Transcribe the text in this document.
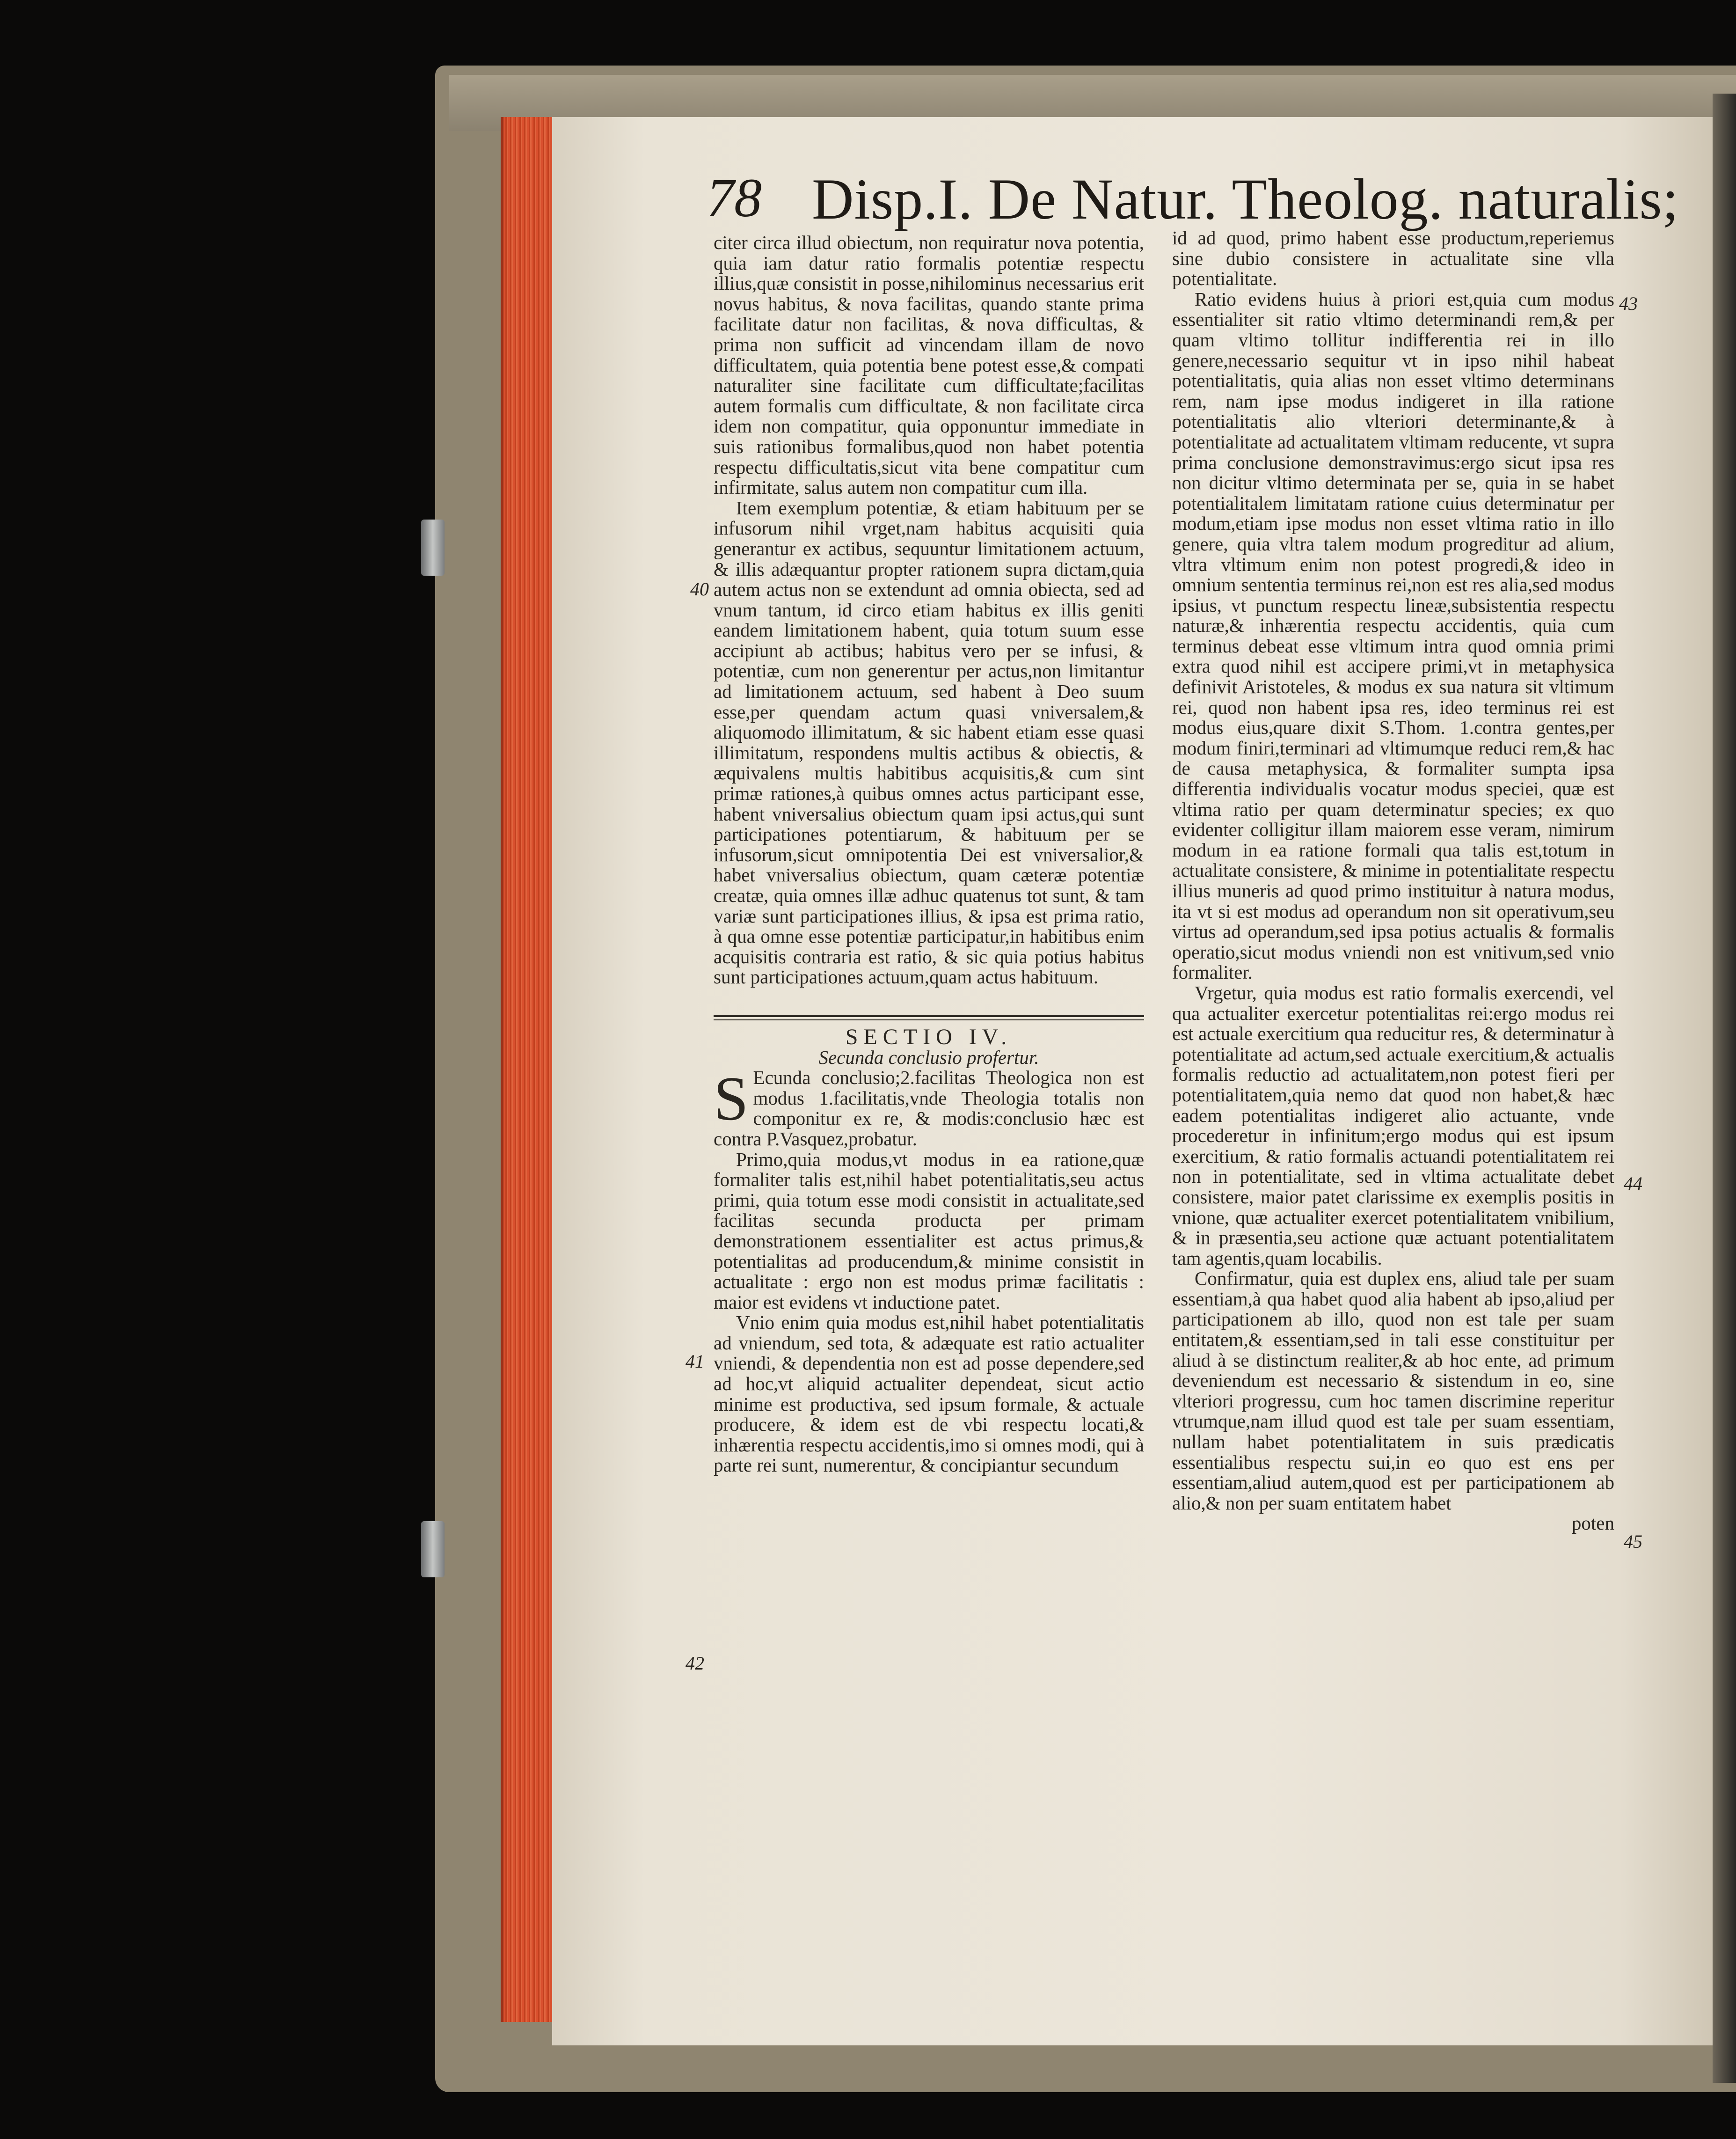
78 Disp.I. De Natur. Theolog. naturalis;

citer circa illud obiectum, non requiratur nova potentia, quia iam datur ratio formalis potentiæ respectu illius,quæ consistit in posse,nihilominus necessarius erit novus habitus, & nova facilitas, quando stante prima facilitate datur non facilitas, & nova difficultas, & prima non sufficit ad vincendam illam de novo difficultatem, quia potentia bene potest esse,& compati naturaliter sine facilitate cum difficultate;facilitas autem formalis cum difficultate, & non facilitate circa idem non compatitur, quia opponuntur immediate in suis rationibus formalibus,quod non habet potentia respectu difficultatis,sicut vita bene compatitur cum infirmitate, salus autem non compatitur cum illa.

Item exemplum potentiæ, & etiam habituum per se infusorum nihil vrget,nam habitus acquisiti quia generantur ex actibus, sequuntur limitationem actuum, & illis adæquantur propter rationem supra dictam,quia autem actus non se extendunt ad omnia obiecta, sed ad vnum tantum, id circo etiam habitus ex illis geniti eandem limitationem habent, quia totum suum esse accipiunt ab actibus; habitus vero per se infusi, & potentiæ, cum non generentur per actus,non limitantur ad limitationem actuum, sed habent à Deo suum esse,per quendam actum quasi vniversalem,& aliquomodo illimitatum, & sic habent etiam esse quasi illimitatum, respondens multis actibus & obiectis, & æquivalens multis habitibus acquisitis,& cum sint primæ rationes,à quibus omnes actus participant esse, habent vniversalius obiectum quam ipsi actus,qui sunt participationes potentiarum, & habituum per se infusorum,sicut omnipotentia Dei est vniversalior,& habet vniversalius obiectum, quam cæteræ potentiæ creatæ, quia omnes illæ adhuc quatenus tot sunt, & tam variæ sunt participationes illius, & ipsa est prima ratio, à qua omne esse potentiæ participatur,in habitibus enim acquisitis contraria est ratio, & sic quia potius habitus sunt participationes actuum,quam actus habituum.

SECTIO IV.

Secunda conclusio profertur.

S Ecunda conclusio;2.facilitas Theologica non est modus 1.facilitatis,vnde Theologia totalis non componitur ex re, & modis:conclusio hæc est contra P.Vasquez,probatur.

Primo,quia modus,vt modus in ea ratione,quæ formaliter talis est,nihil habet potentialitatis,seu actus primi, quia totum esse modi consistit in actualitate,sed facilitas secunda producta per primam demonstrationem essentialiter est actus primus,& potentialitas ad producendum,& minime consistit in actualitate : ergo non est modus primæ facilitatis : maior est evidens vt inductione patet.

Vnio enim quia modus est,nihil habet potentialitatis ad vniendum, sed tota, & adæquate est ratio actualiter vniendi, & dependentia non est ad posse dependere,sed ad hoc,vt aliquid actualiter dependeat, sicut actio minime est productiva, sed ipsum formale, & actuale producere, & idem est de vbi respectu locati,& inhærentia respectu accidentis,imo si omnes modi, qui à parte rei sunt, numerentur, & concipiantur secundum

id ad quod, primo habent esse productum,reperiemus sine dubio consistere in actualitate sine vlla potentialitate.

Ratio evidens huius à priori est,quia cum modus essentialiter sit ratio vltimo determinandi rem,& per quam vltimo tollitur indifferentia rei in illo genere,necessario sequitur vt in ipso nihil habeat potentialitatis, quia alias non esset vltimo determinans rem, nam ipse modus indigeret in illa ratione potentialitatis alio vlteriori determinante,& à potentialitate ad actualitatem vltimam reducente, vt supra prima conclusione demonstravimus:ergo sicut ipsa res non dicitur vltimo determinata per se, quia in se habet potentialitalem limitatam ratione cuius determinatur per modum,etiam ipse modus non esset vltima ratio in illo genere, quia vltra talem modum progreditur ad alium, vltra vltimum enim non potest progredi,& ideo in omnium sententia terminus rei,non est res alia,sed modus ipsius, vt punctum respectu lineæ,subsistentia respectu naturæ,& inhærentia respectu accidentis, quia cum terminus debeat esse vltimum intra quod omnia primi extra quod nihil est accipere primi,vt in metaphysica definivit Aristoteles, & modus ex sua natura sit vltimum rei, quod non habent ipsa res, ideo terminus rei est modus eius,quare dixit S.Thom. 1.contra gentes,per modum finiri,terminari ad vltimumque reduci rem,& hac de causa metaphysica, & formaliter sumpta ipsa differentia individualis vocatur modus speciei, quæ est vltima ratio per quam determinatur species; ex quo evidenter colligitur illam maiorem esse veram, nimirum modum in ea ratione formali qua talis est,totum in actualitate consistere, & minime in potentialitate respectu illius muneris ad quod primo instituitur à natura modus, ita vt si est modus ad operandum non sit operativum,seu virtus ad operandum,sed ipsa potius actualis & formalis operatio,sicut modus vniendi non est vnitivum,sed vnio formaliter.

Vrgetur, quia modus est ratio formalis exercendi, vel qua actualiter exercetur potentialitas rei:ergo modus rei est actuale exercitium qua reducitur res, & determinatur à potentialitate ad actum,sed actuale exercitium,& actualis formalis reductio ad actualitatem,non potest fieri per potentialitatem,quia nemo dat quod non habet,& hæc eadem potentialitas indigeret alio actuante, vnde procederetur in infinitum;ergo modus qui est ipsum exercitium, & ratio formalis actuandi potentialitatem rei non in potentialitate, sed in vltima actualitate debet consistere, maior patet clarissime ex exemplis positis in vnione, quæ actualiter exercet potentialitatem vnibilium, & in præsentia,seu actione quæ actuant potentialitatem tam agentis,quam locabilis.

Confirmatur, quia est duplex ens, aliud tale per suam essentiam,à qua habet quod alia habent ab ipso,aliud per participationem ab illo, quod non est tale per suam entitatem,& essentiam,sed in tali esse constituitur per aliud à se distinctum realiter,& ab hoc ente, ad primum deveniendum est necessario & sistendum in eo, sine vlteriori progressu, cum hoc tamen discrimine reperitur vtrumque,nam illud quod est tale per suam essentiam, nullam habet potentialitatem in suis prædicatis essentialibus respectu sui,in eo quo est ens per essentiam,aliud autem,quod est per participationem ab alio,& non per suam entitatem habet

poten

40
41
42
43
44
45
